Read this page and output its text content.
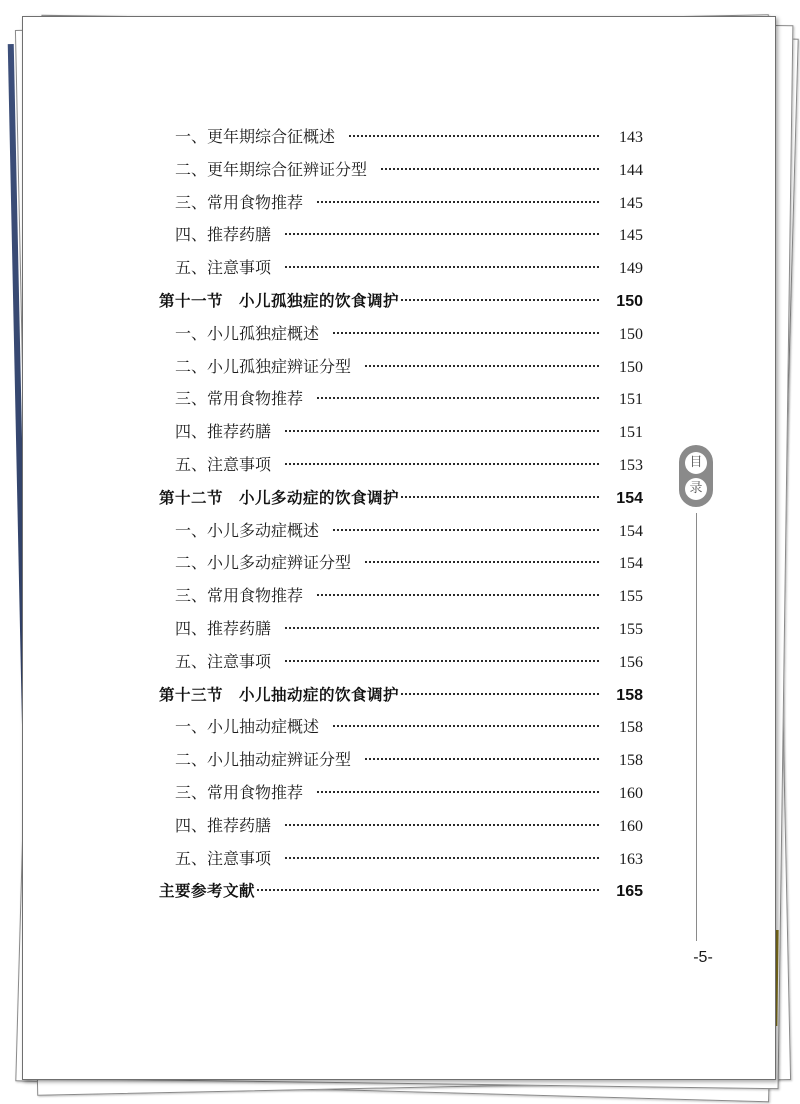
一、更年期综合征概述	143
二、更年期综合征辨证分型	144
三、常用食物推荐	145
四、推荐药膳	145
五、注意事项	149
第十一节　小儿孤独症的饮食调护	150
一、小儿孤独症概述	150
二、小儿孤独症辨证分型	150
三、常用食物推荐	151
四、推荐药膳	151
五、注意事项	153
第十二节　小儿多动症的饮食调护	154
一、小儿多动症概述	154
二、小儿多动症辨证分型	154
三、常用食物推荐	155
四、推荐药膳	155
五、注意事项	156
第十三节　小儿抽动症的饮食调护	158
一、小儿抽动症概述	158
二、小儿抽动症辨证分型	158
三、常用食物推荐	160
四、推荐药膳	160
五、注意事项	163
主要参考文献	165
目
录
-5-
